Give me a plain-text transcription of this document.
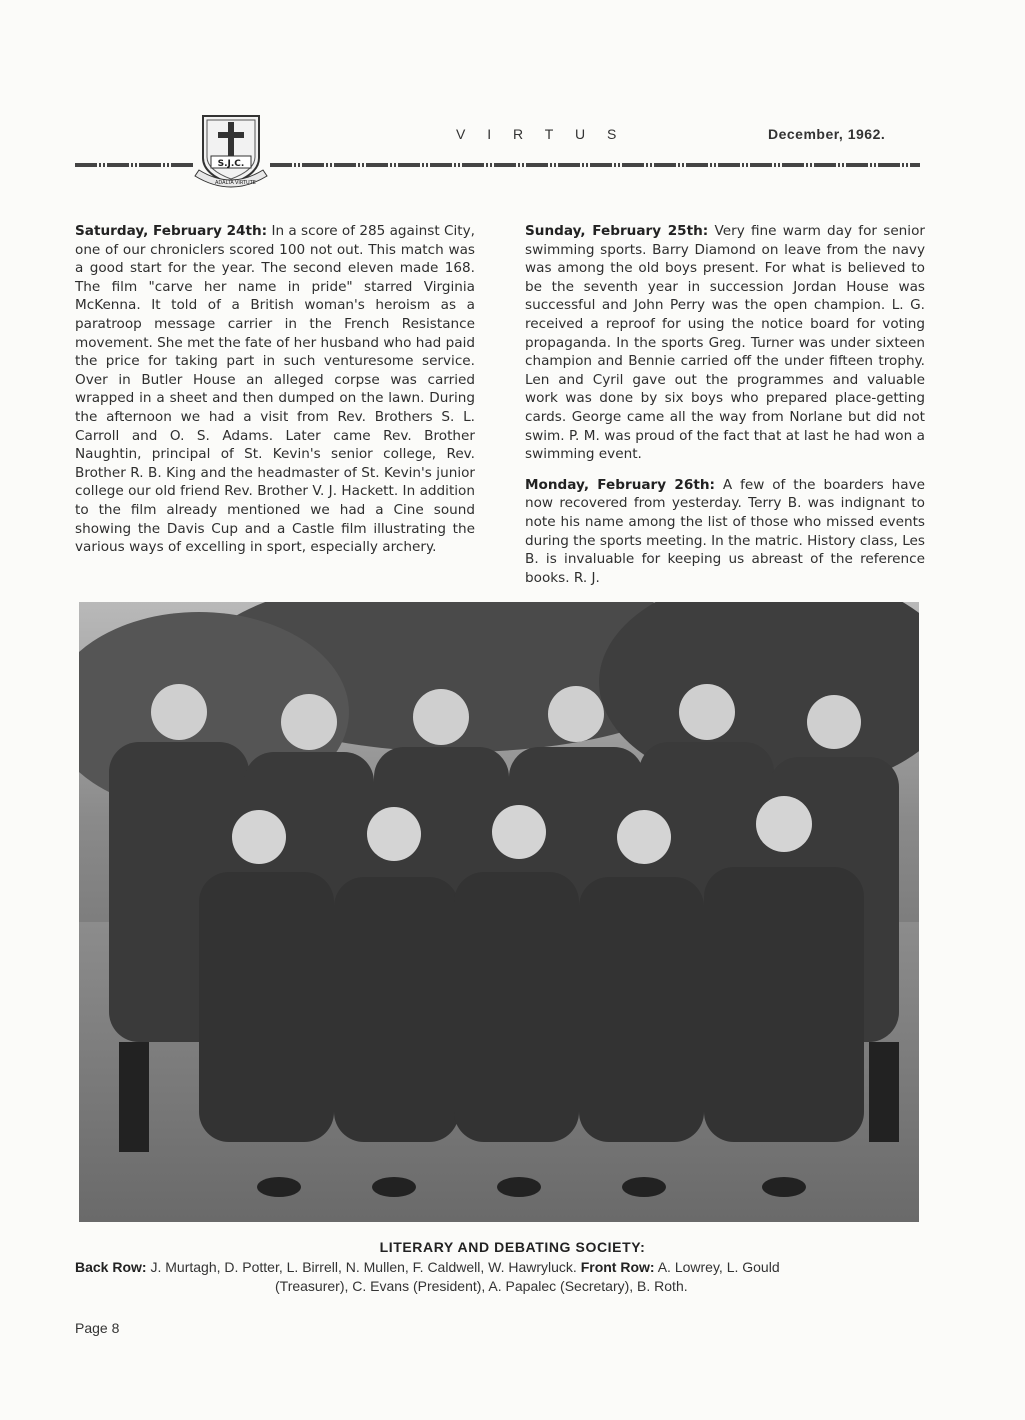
S.J.C.
ADALTA VIRTUTE
V I R T U S	December, 1962.

Saturday, February 24th: In a score of 285 against City, one of our chroniclers scored 100 not out. This match was a good start for the year. The second eleven made 168. The film "carve her name in pride" starred Virginia McKenna. It told of a British woman's heroism as a paratroop message carrier in the French Resistance movement. She met the fate of her husband who had paid the price for taking part in such venturesome service. Over in Butler House an alleged corpse was carried wrapped in a sheet and then dumped on the lawn. During the afternoon we had a visit from Rev. Brothers S. L. Carroll and O. S. Adams. Later came Rev. Brother Naughtin, principal of St. Kevin's senior college, Rev. Brother R. B. King and the headmaster of St. Kevin's junior college our old friend Rev. Brother V. J. Hackett. In addition to the film already mentioned we had a Cine sound showing the Davis Cup and a Castle film illustrating the various ways of excelling in sport, especially archery.

Sunday, February 25th: Very fine warm day for senior swimming sports. Barry Diamond on leave from the navy was among the old boys present. For what is believed to be the seventh year in succession Jordan House was successful and John Perry was the open champion. L. G. received a reproof for using the notice board for voting propaganda. In the sports Greg. Turner was under sixteen champion and Bennie carried off the under fifteen trophy. Len and Cyril gave out the programmes and valuable work was done by six boys who prepared place-getting cards. George came all the way from Norlane but did not swim. P. M. was proud of the fact that at last he had won a swimming event.

Monday, February 26th: A few of the boarders have now recovered from yesterday. Terry B. was indignant to note his name among the list of those who missed events during the sports meeting. In the matric. History class, Les B. is invaluable for keeping us abreast of the reference books. R. J.

LITERARY AND DEBATING SOCIETY:
Back Row: J. Murtagh, D. Potter, L. Birrell, N. Mullen, F. Caldwell, W. Hawryluck. Front Row: A. Lowrey, L. Gould
(Treasurer), C. Evans (President), A. Papalec (Secretary), B. Roth.
Page 8
